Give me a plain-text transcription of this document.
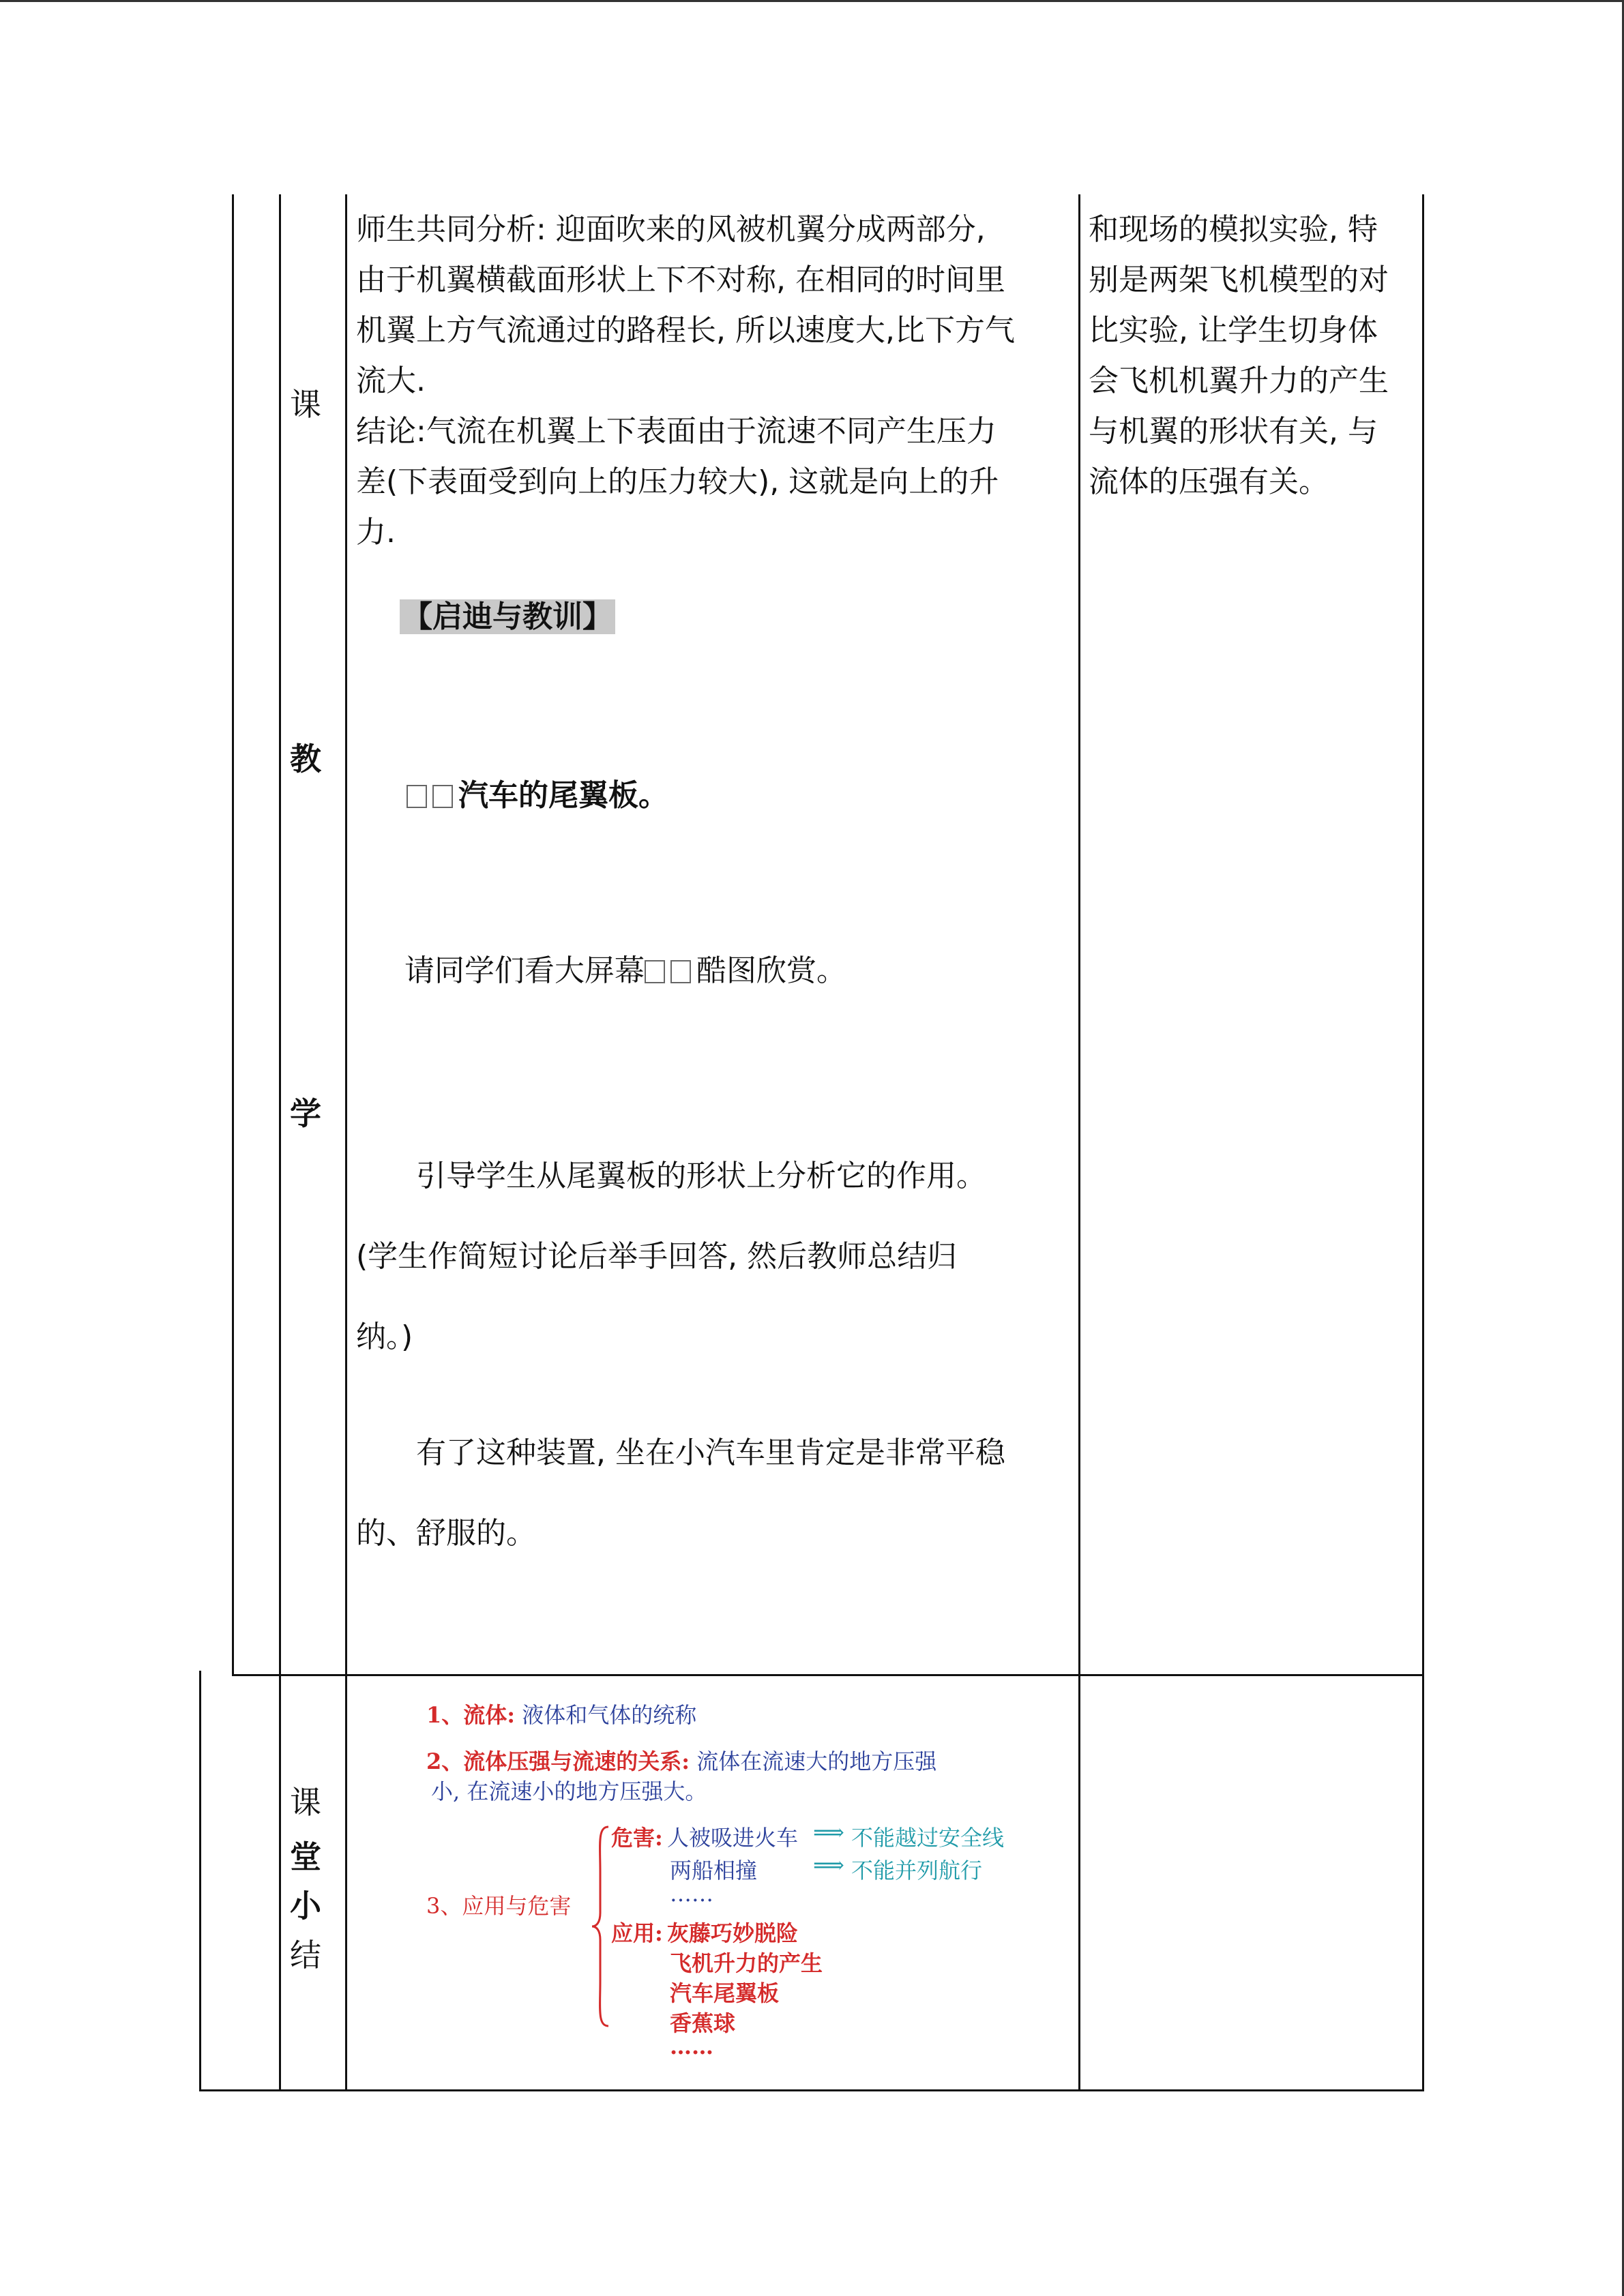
课
教
学
课
堂
小
结

师生共同分析: 迎面吹来的风被机翼分成两部分,

由于机翼横截面形状上下不对称, 在相同的时间里

机翼上方气流通过的路程长, 所以速度大,比下方气

流大.

结论:气流在机翼上下表面由于流速不同产生压力

差(下表面受到向上的压力较大), 这就是向上的升

力.

【启迪与教训】
汽车的尾翼板。
请同学们看大屏幕 酷图欣赏。

引导学生从尾翼板的形状上分析它的作用。

(学生作简短讨论后举手回答, 然后教师总结归

纳。)

有了这种装置, 坐在小汽车里肯定是非常平稳

的、舒服的。

和现场的模拟实验, 特

别是两架飞机模型的对

比实验, 让学生切身体

会飞机机翼升力的产生

与机翼的形状有关, 与

流体的压强有关。

1、流体: 液体和气体的统称
2、流体压强与流速的关系: 流体在流速大的地方压强
小, 在流速小的地方压强大。
3、应用与危害
危害: 人被吸进火车 ⟹ 不能越过安全线
两船相撞	⟹ 不能并列航行
……
应用: 灰藤巧妙脱险
飞机升力的产生
汽车尾翼板
香蕉球
……
